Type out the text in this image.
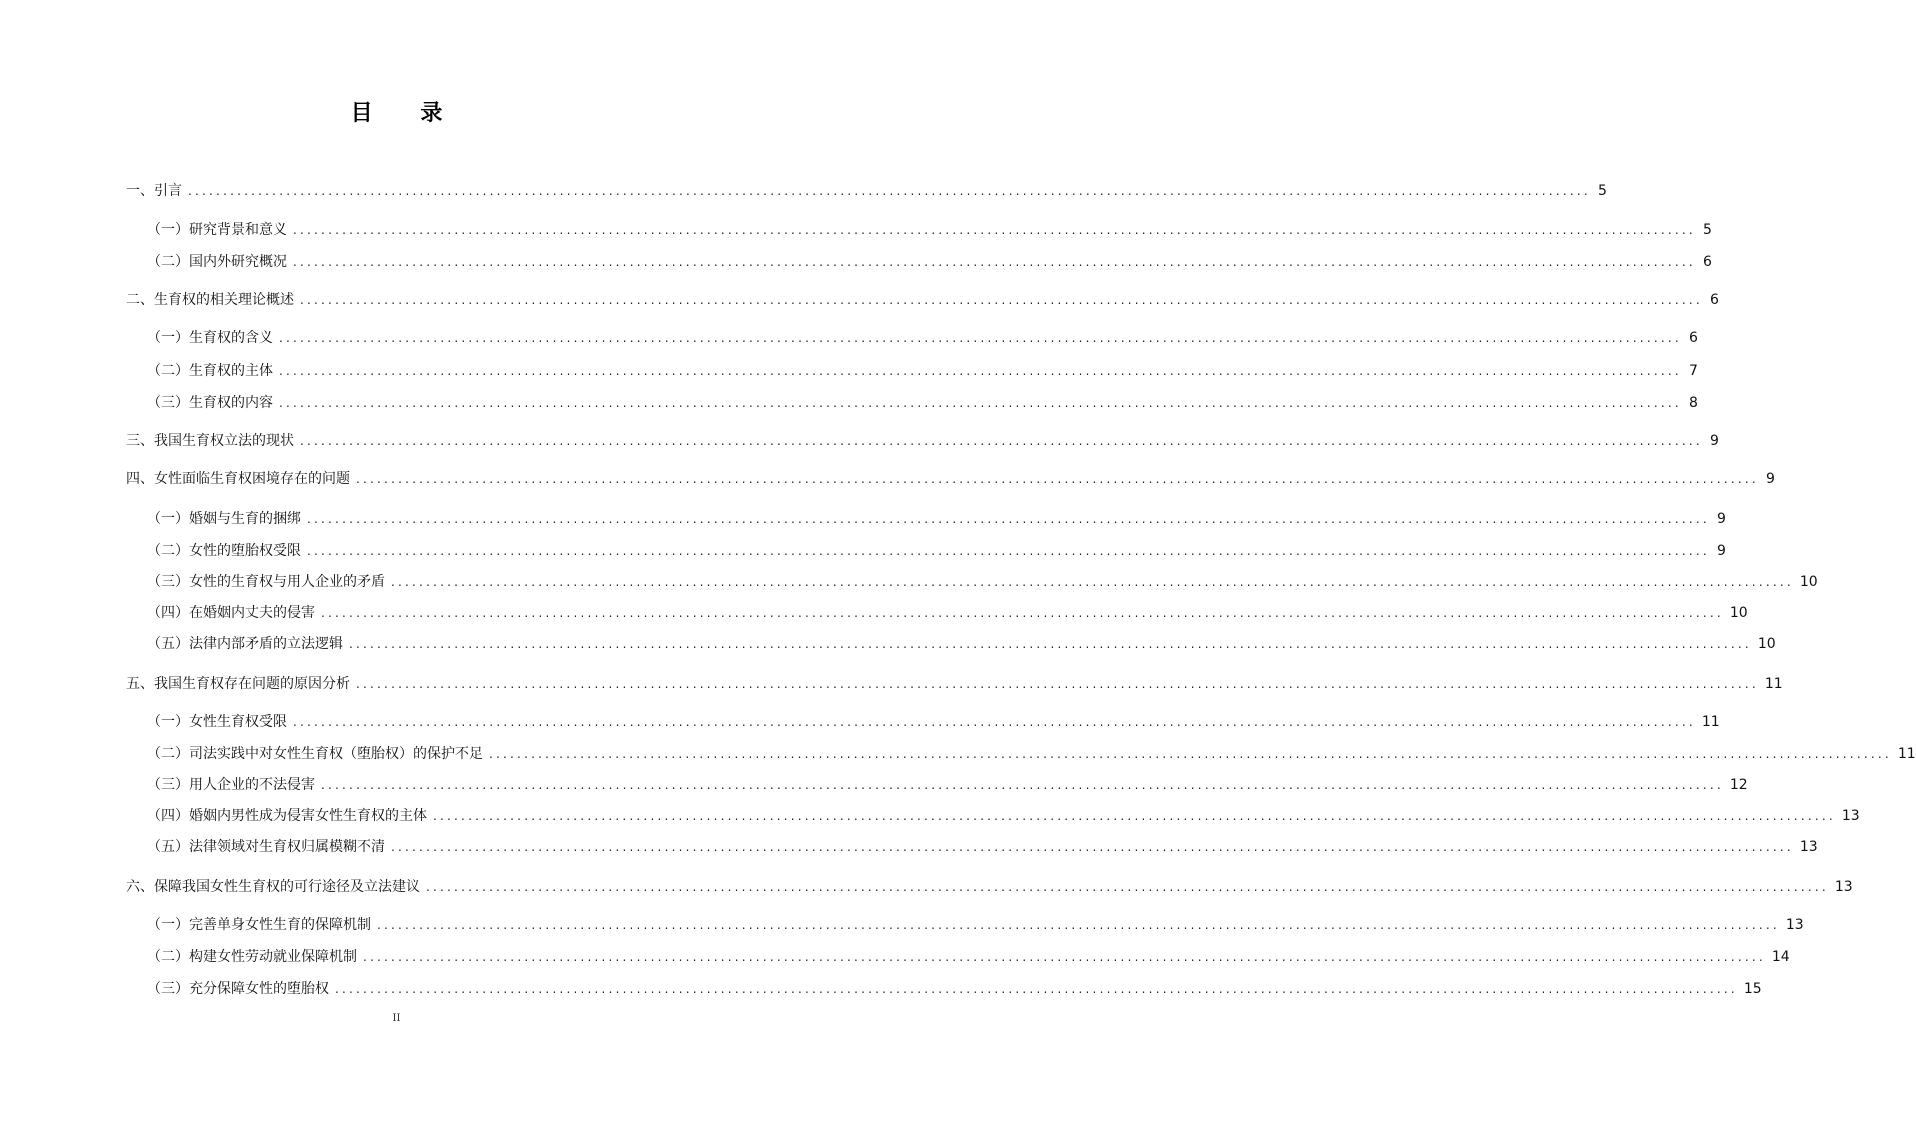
目 录
一、引言 ........................................................................................................................................................................................................ 5
（一）研究背景和意义 ........................................................................................................................................................................................................ 5
（二）国内外研究概况 ........................................................................................................................................................................................................ 6
二、生育权的相关理论概述 ........................................................................................................................................................................................................ 6
（一）生育权的含义 ........................................................................................................................................................................................................ 6
（二）生育权的主体 ........................................................................................................................................................................................................ 7
（三）生育权的内容 ........................................................................................................................................................................................................ 8
三、我国生育权立法的现状 ........................................................................................................................................................................................................ 9
四、女性面临生育权困境存在的问题 ........................................................................................................................................................................................................ 9
（一）婚姻与生育的捆绑 ........................................................................................................................................................................................................ 9
（二）女性的堕胎权受限 ........................................................................................................................................................................................................ 9
（三）女性的生育权与用人企业的矛盾 ........................................................................................................................................................................................................ 10
（四）在婚姻内丈夫的侵害 ........................................................................................................................................................................................................ 10
（五）法律内部矛盾的立法逻辑 ........................................................................................................................................................................................................ 10
五、我国生育权存在问题的原因分析 ........................................................................................................................................................................................................ 11
（一）女性生育权受限 ........................................................................................................................................................................................................ 11
（二）司法实践中对女性生育权（堕胎权）的保护不足 ........................................................................................................................................................................................................ 11
（三）用人企业的不法侵害 ........................................................................................................................................................................................................ 12
（四）婚姻内男性成为侵害女性生育权的主体 ........................................................................................................................................................................................................ 13
（五）法律领域对生育权归属模糊不清 ........................................................................................................................................................................................................ 13
六、保障我国女性生育权的可行途径及立法建议 ........................................................................................................................................................................................................ 13
（一）完善单身女性生育的保障机制 ........................................................................................................................................................................................................ 13
（二）构建女性劳动就业保障机制 ........................................................................................................................................................................................................ 14
（三）充分保障女性的堕胎权 ........................................................................................................................................................................................................ 15
II
